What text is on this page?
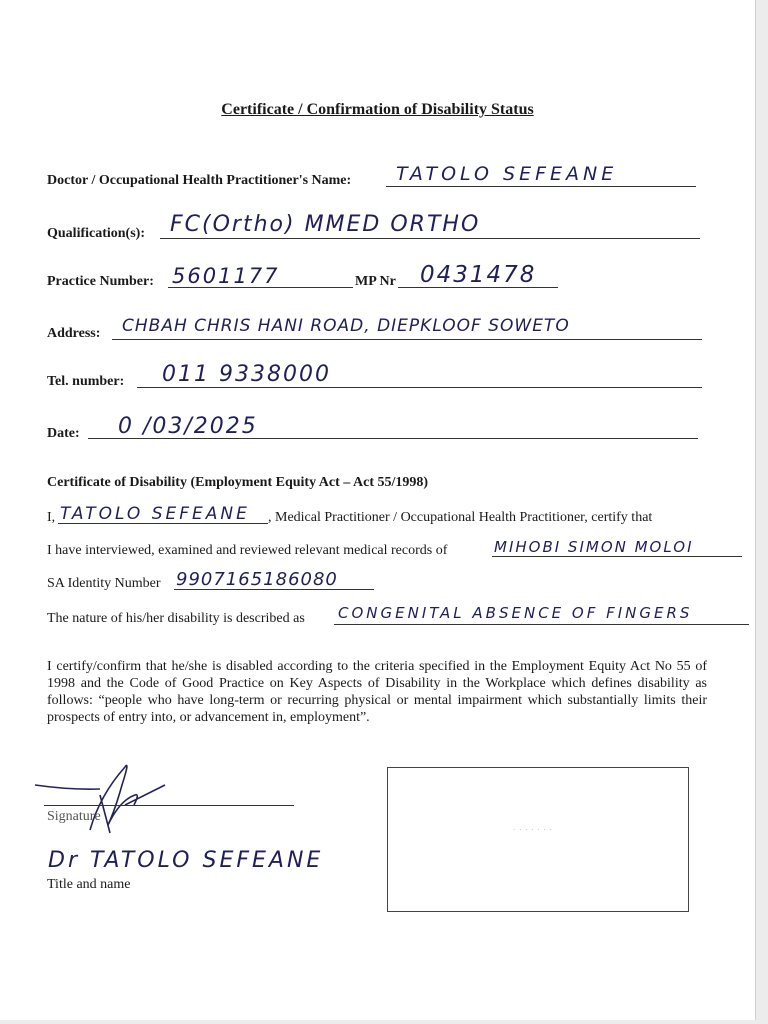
Certificate / Confirmation of Disability Status
Doctor / Occupational Health Practitioner's Name: TATOLO SEFEANE
Qualification(s): FC(Ortho) MMED ORTHO
Practice Number: 5601177	MP Nr 0431478
Address: CHBAH CHRIS HANI ROAD, DIEPKLOOF SOWETO
Tel. number: 011 9338000
Date: 0 /03/2025
Certificate of Disability (Employment Equity Act – Act 55/1998)
I, TATOLO SEFEANE , Medical Practitioner / Occupational Health Practitioner, certify that
I have interviewed, examined and reviewed relevant medical records of	MIHOBI SIMON MOLOI
SA Identity Number 9907165186080
The nature of his/her disability is described as CONGENITAL ABSENCE OF FINGERS
I certify/confirm that he/she is disabled according to the criteria specified in the Employment Equity Act No 55 of 1998 and the Code of Good Practice on Key Aspects of Disability in the Workplace which defines disability as follows: “people who have long-term or recurring physical or mental impairment which substantially limits their prospects of entry into, or advancement in, employment”.
Signature
Dr TATOLO SEFEANE
Title and name
· · · · · · ·
